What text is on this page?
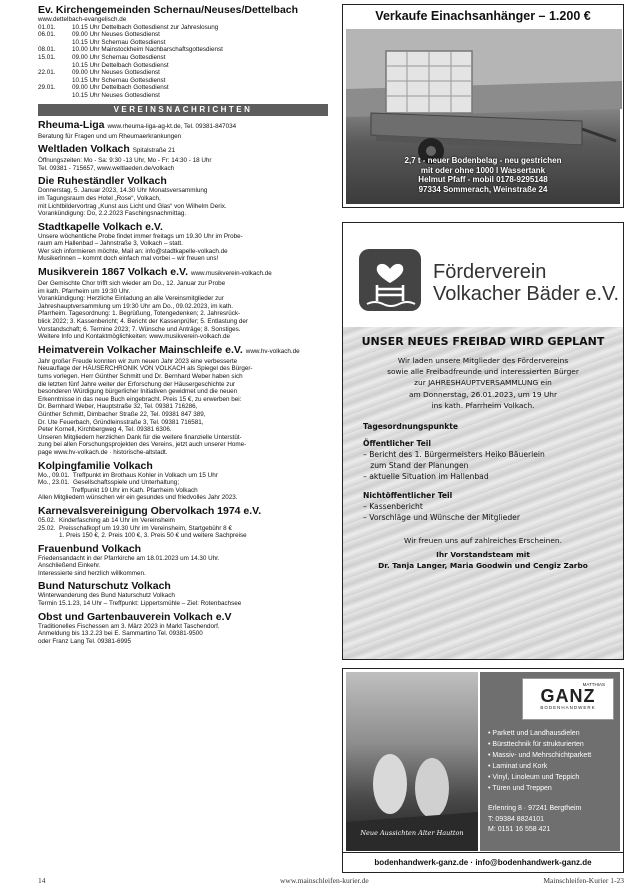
Ev. Kirchengemeinden Schernau/Neuses/Dettelbach
www.dettelbach-evangelisch.de
01.01.	10.15 Uhr Dettelbach Gottesdienst zur Jahreslosung
06.01.	09.00 Uhr Neuses Gottesdienst
10.15 Uhr Schernau Gottesdienst
08.01.	10.00 Uhr Mainstockheim Nachbarschaftsgottesdienst
15.01.	09.00 Uhr Schernau Gottesdienst
10.15 Uhr Dettelbach Gottesdienst
22.01.	09.00 Uhr Neuses Gottesdienst
10.15 Uhr Schernau Gottesdienst
29.01.	09.00 Uhr Dettelbach Gottesdienst
10.15 Uhr Neuses Gottesdienst
VEREINSNACHRICHTEN
Rheuma-Liga www.rheuma-liga-ag-kt.de, Tel. 09381-847034
Beratung für Fragen und um Rheumaerkrankungen
Weltladen Volkach Spitalstraße 21
Öffnungszeiten: Mo - Sa: 9:30 -13 Uhr, Mo - Fr: 14:30 - 18 Uhr
Tel. 09381 - 715657, www.weltlaeden.de/volkach
Die Ruheständler Volkach
Donnerstag, 5. Januar 2023, 14.30 Uhr Monatsversammlung
im Tagungsraum des Hotel „Rose“, Volkach,
mit Lichtbildervortrag „Kunst aus Licht und Glas“ von Wilhelm Derix.
Vorankündigung: Do, 2.2.2023 Faschingsnachmittag.
Stadtkapelle Volkach e.V.
Unsere wöchentliche Probe findet immer freitags um 19.30 Uhr im Probe-
raum am Hallenbad – Jahnstraße 3, Volkach – statt.
Wer sich informieren möchte, Mail an: info@stadtkapelle-volkach.de
MusikerInnen – kommt doch einfach mal vorbei – wir freuen uns!
Musikverein 1867 Volkach e.V. www.musikverein-volkach.de
Der Gemischte Chor trifft sich wieder am Do., 12. Januar zur Probe
im kath. Pfarrheim um 19:30 Uhr.
Vorankündigung: Herzliche Einladung an alle Vereinsmitglieder zur
Jahreshauptversammlung um 19:30 Uhr am Do., 09.02.2023, im kath.
Pfarrheim. Tagesordnung: 1. Begrüßung, Totengedenken; 2. Jahresrück-
blick 2022; 3. Kassenbericht; 4. Bericht der Kassenprüfer; 5. Entlastung der
Vorstandschaft; 6. Termine 2023; 7. Wünsche und Anträge; 8. Sonstiges.
Weitere Info und Kontaktmöglichkeiten: www.musikverein-volkach.de
Heimatverein Volkacher Mainschleife e.V. www.hv-volkach.de
Jahr großer Freude konnten wir zum neuen Jahr 2023 eine verbesserte
Neuauflage der HÄUSERCHRONIK VON VOLKACH als Spiegel des Bürger-
tums vorlegen. Herr Günther Schmitt und Dr. Bernhard Weber haben sich
die letzten fünf Jahre weiter der Erforschung der Häusergeschichte zur
besonderen Würdigung bürgerlicher Initiativen gewidmet und die neuen
Erkenntnisse in das neue Buch eingebracht. Preis 15 €, zu erwerben bei:
Dr. Bernhard Weber, Hauptstraße 32, Tel. 09381 716286,
Günther Schmitt, Dimbacher Straße 22, Tel. 09381 847 389,
Dr. Ute Feuerbach, Gründleinsstraße 3, Tel. 09381 716581,
Peter Kornell, Kirchbergweg 4, Tel. 09381 6306.
Unseren Mitgliedern herzlichen Dank für die weitere finanzielle Unterstüt-
zung bei allen Forschungsprojekten des Vereins, jetzt auch unserer Home-
page www.hv-volkach.de · historische-altstadt.
Kolpingfamilie Volkach
Mo., 09.01.  Treffpunkt im Brothaus Kohler in Volkach um 15 Uhr
Mo., 23.01.  Gesellschaftsspiele und Unterhaltung;
Treffpunkt 19 Uhr im Kath. Pfarrheim Volkach
Allen Mitgliedern wünschen wir ein gesundes und friedvolles Jahr 2023.
Karnevalsvereinigung Obervolkach 1974 e.V.
05.02.  Kinderfasching ab 14 Uhr im Vereinsheim
25.02.  Preisschafkopf um 19.30 Uhr im Vereinsheim, Startgebühr 8 €
1. Preis 150 €, 2. Preis 100 €, 3. Preis 50 € und weitere Sachpreise
Frauenbund Volkach
Friedensandacht in der Pfarrkirche am 18.01.2023 um 14.30 Uhr.
Anschließend Einkehr.
Interessierte sind herzlich willkommen.
Bund Naturschutz Volkach
Winterwanderung des Bund Naturschutz Volkach
Termin 15.1.23, 14 Uhr – Treffpunkt: Lippertsmühle – Ziel: Rotenbachsee
Obst und Gartenbauverein Volkach e.V
Traditionelles Fischessen am 3. März 2023 in Markt Taschendorf.
Anmeldung bis 13.2.23 bei E. Sammartino Tel. 09381-9500
oder Franz Lang Tel. 09381-6995
Verkaufe Einachsanhänger – 1.200 €
2,7 t - neuer Bodenbelag - neu gestrichen
mit oder ohne 1000 l Wassertank
Helmut Pfaff - mobil 0178-9295148
97334 Sommerach, Weinstraße 24
Förderverein
Volkacher Bäder e.V.
UNSER NEUES FREIBAD WIRD GEPLANT
Wir laden unsere Mitglieder des Fördervereins
sowie alle Freibadfreunde und interessierten Bürger
zur JAHRESHAUPTVERSAMMLUNG ein
am Donnerstag, 26.01.2023, um 19 Uhr
ins kath. Pfarrheim Volkach.
Tagesordnungspunkte
Öffentlicher Teil
– Bericht des 1. Bürgermeisters Heiko Bäuerlein
zum Stand der Planungen
– aktuelle Situation im Hallenbad
Nichtöffentlicher Teil
– Kassenbericht
– Vorschläge und Wünsche der Mitglieder
Wir freuen uns auf zahlreiches Erscheinen.
Ihr Vorstandsteam mit
Dr. Tanja Langer, Maria Goodwin und Cengiz Zarbo
Neue Aussichten Alter Hautton
MATTHIAS
GANZ
BODENHANDWERK
• Parkett und Landhausdielen
• Bürsttechnik für strukturierten
• Massiv- und Mehrschichtparkett
• Laminat und Kork
• Vinyl, Linoleum und Teppich
• Türen und Treppen
Erlenring 8 · 97241 Bergtheim
T: 09384 8824101
M: 0151 16 558 421
bodenhandwerk-ganz.de · info@bodenhandwerk-ganz.de
14	www.mainschleifen-kurier.de	Mainschleifen-Kurier 1-23
